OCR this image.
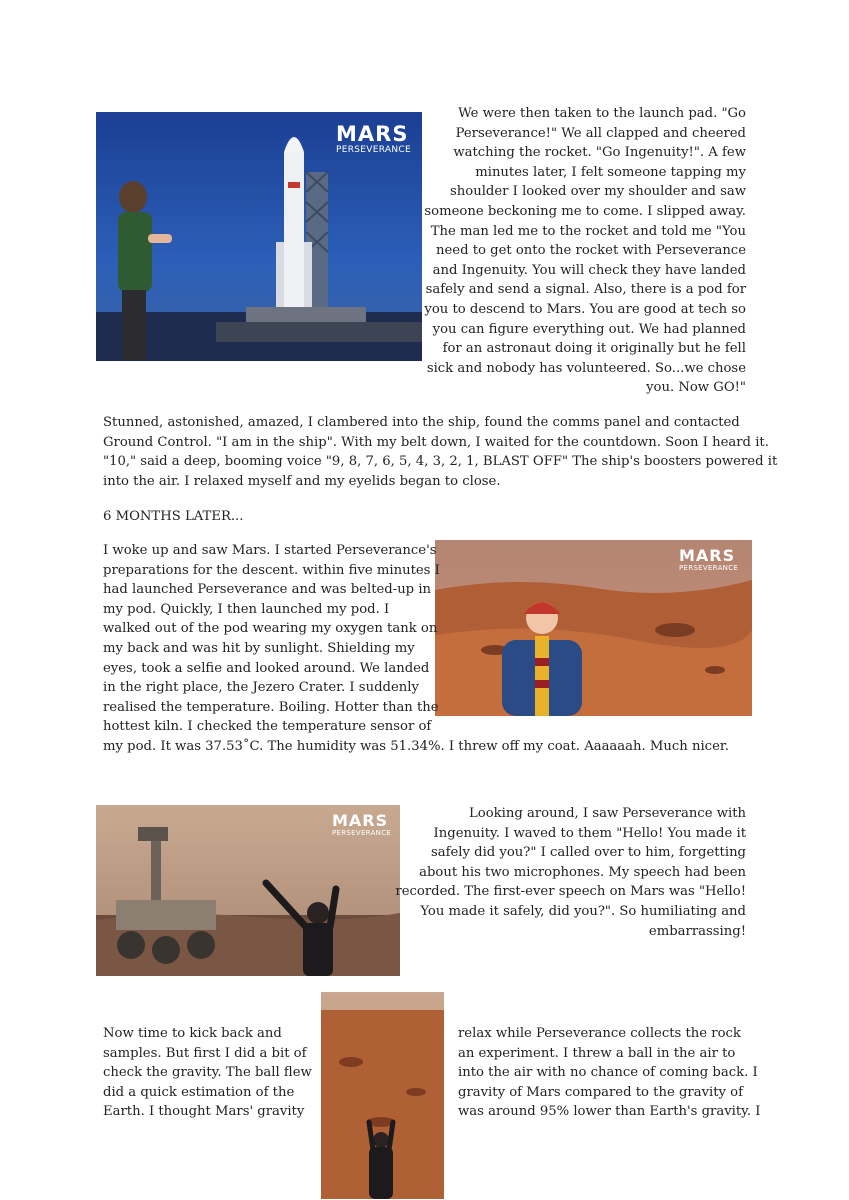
MARS
PERSEVERANCE
We were then taken to the launch pad. "Go
Perseverance!" We all clapped and cheered
watching the rocket. "Go Ingenuity!". A few
minutes later, I felt someone tapping my
shoulder I looked over my shoulder and saw
someone beckoning me to come. I slipped away.
The man led me to the rocket and told me "You
need to get onto the rocket with Perseverance
and Ingenuity. You will check they have landed
safely and send a signal. Also, there is a pod for
you to descend to Mars. You are good at tech so
you can figure everything out. We had planned
for an astronaut doing it originally but he fell
sick and nobody has volunteered. So...we chose
you. Now GO!"
Stunned, astonished, amazed, I clambered into the ship, found the comms panel and contacted
Ground Control. "I am in the ship". With my belt down, I waited for the countdown. Soon I heard it.
"10," said a deep, booming voice "9, 8, 7, 6, 5, 4, 3, 2, 1, BLAST OFF" The ship's boosters powered it
into the air. I relaxed myself and my eyelids began to close.
6 MONTHS LATER...
MARS
PERSEVERANCE
I woke up and saw Mars. I started Perseverance's
preparations for the descent. within five minutes I
had launched Perseverance and was belted-up in
my pod. Quickly, I then launched my pod. I
walked out of the pod wearing my oxygen tank on
my back and was hit by sunlight. Shielding my
eyes, took a selfie and looked around. We landed
in the right place, the Jezero Crater. I suddenly
realised the temperature. Boiling. Hotter than the
hottest kiln. I checked the temperature sensor of
my pod. It was 37.53˚C. The humidity was 51.34%. I threw off my coat. Aaaaaah. Much nicer.
MARS
PERSEVERANCE
Looking around, I saw Perseverance with
Ingenuity. I waved to them "Hello! You made it
safely did you?" I called over to him, forgetting
about his two microphones. My speech had been
recorded. The first-ever speech on Mars was "Hello!
You made it safely, did you?". So humiliating and
embarrassing!
Now time to kick back and
samples. But first I did a bit of
check the gravity. The ball flew
did a quick estimation of the
Earth. I thought Mars' gravity
relax while Perseverance collects the rock
an experiment. I threw a ball in the air to
into the air with no chance of coming back. I
gravity of Mars compared to the gravity of
was around 95% lower than Earth's gravity. I
